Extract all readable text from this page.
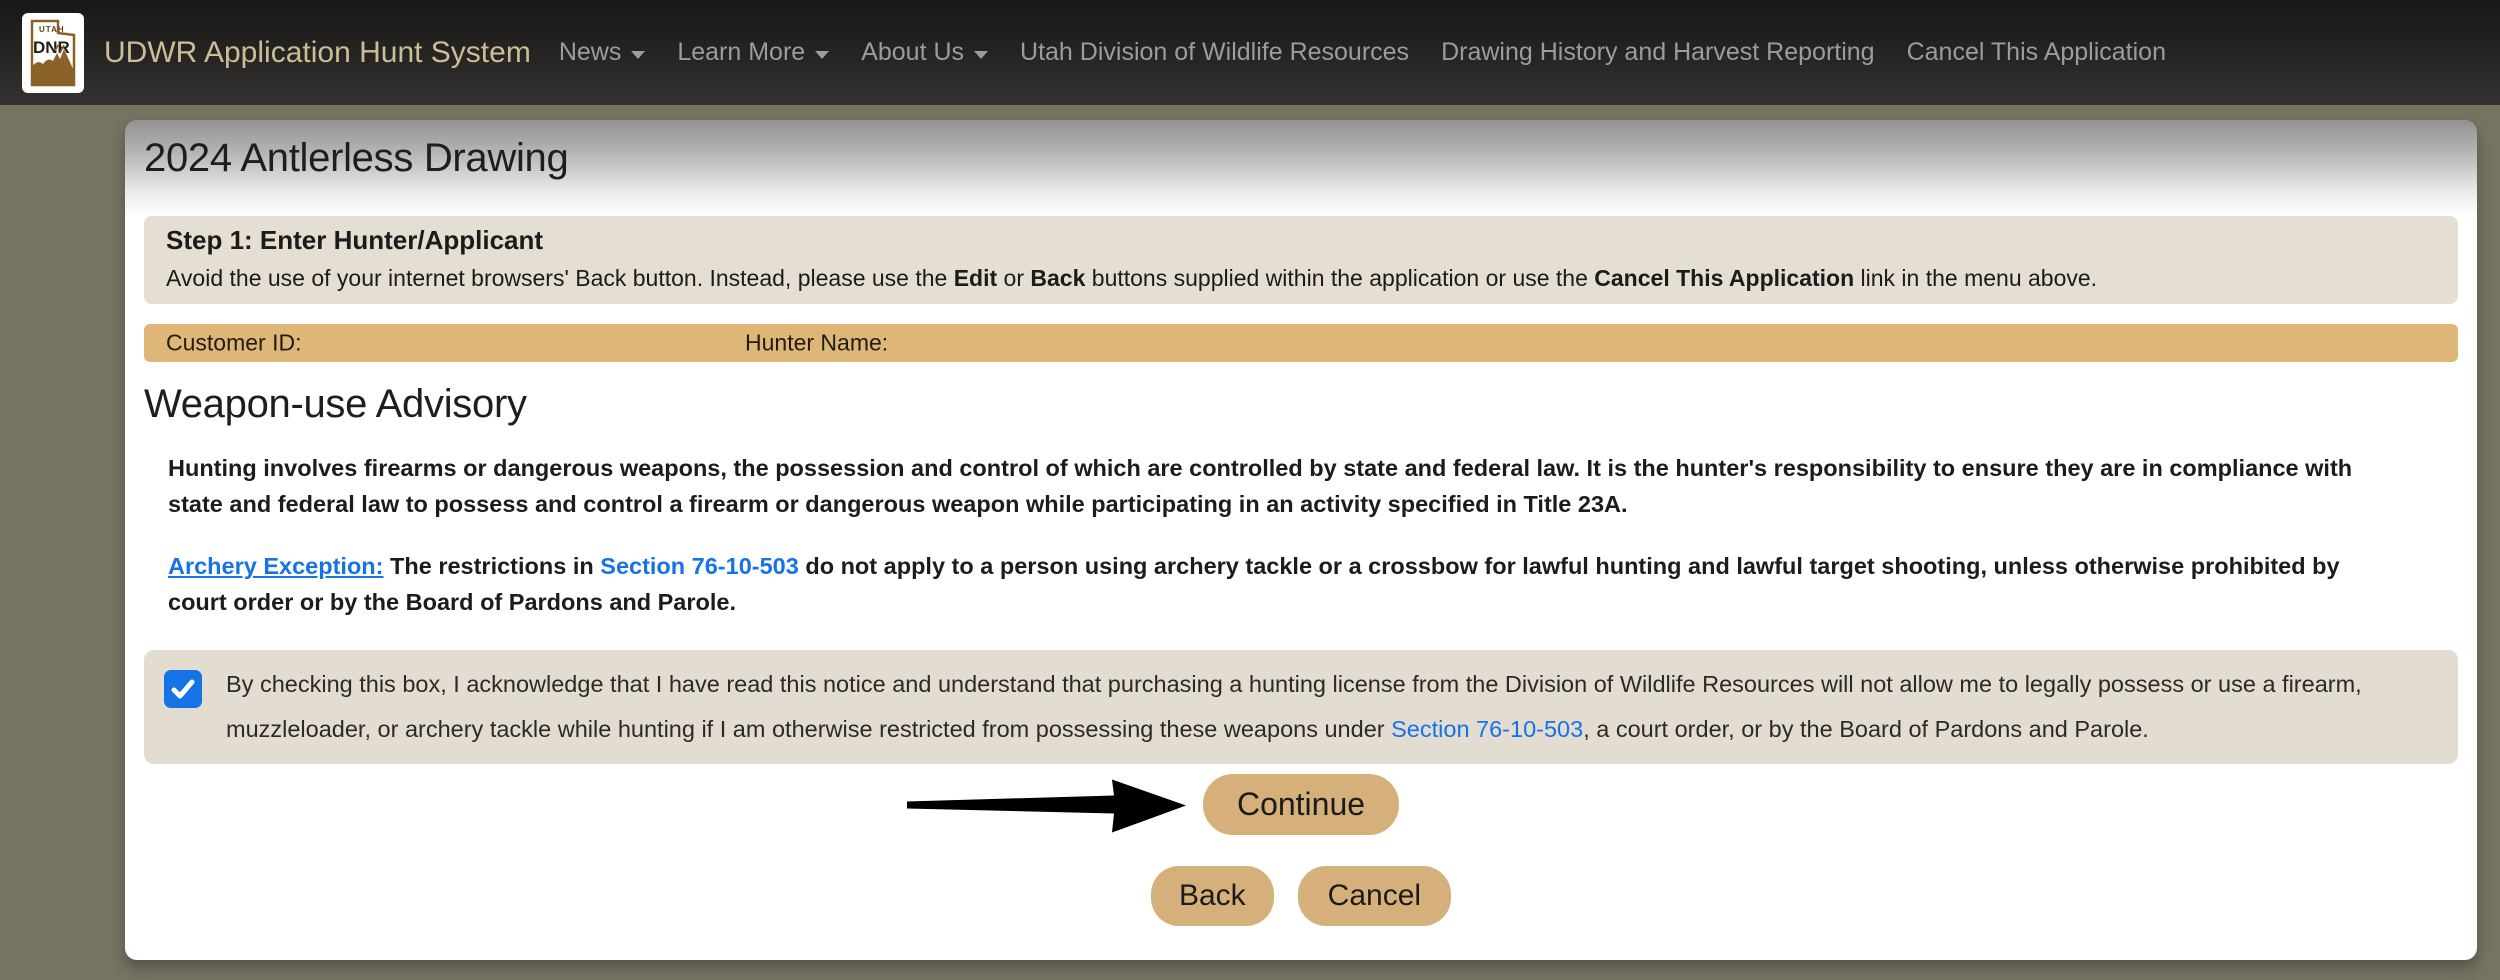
UTAH
DNR UDWR Application Hunt System News Learn More About Us Utah Division of Wildlife Resources Drawing History and Harvest Reporting Cancel This Application
2024 Antlerless Drawing
Step 1: Enter Hunter/Applicant
Avoid the use of your internet browsers' Back button. Instead, please use the Edit or Back buttons supplied within the application or use the Cancel This Application link in the menu above.
Customer ID:	Hunter Name:
Weapon-use Advisory

Hunting involves firearms or dangerous weapons, the possession and control of which are controlled by state and federal law. It is the hunter's responsibility to ensure they are in compliance with state and federal law to possess and control a firearm or dangerous weapon while participating in an activity specified in Title 23A.

Archery Exception: The restrictions in Section 76-10-503 do not apply to a person using archery tackle or a crossbow for lawful hunting and lawful target shooting, unless otherwise prohibited by court order or by the Board of Pardons and Parole.

By checking this box, I acknowledge that I have read this notice and understand that purchasing a hunting license from the Division of Wildlife Resources will not allow me to legally possess or use a firearm, muzzleloader, or archery tackle while hunting if I am otherwise restricted from possessing these weapons under Section 76-10-503, a court order, or by the Board of Pardons and Parole.
Continue
Back	Cancel
